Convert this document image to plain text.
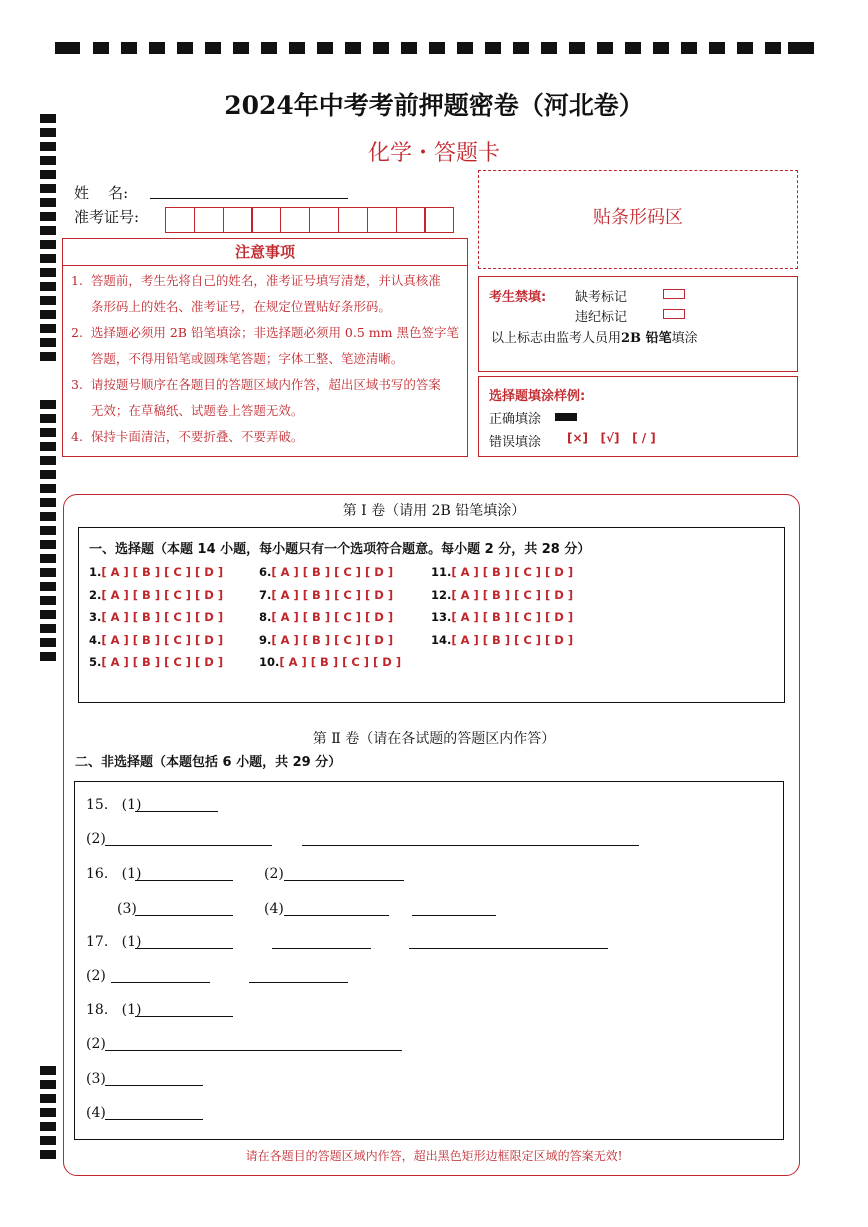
2024年中考考前押题密卷（河北卷）
化学・答题卡
姓    名:
准考证号:	贴条形码区
注意事项
1.  答题前，考生先将自己的姓名，准考证号填写清楚，并认真核准
条形码上的姓名、准考证号，在规定位置贴好条形码。
2.  选择题必须用 2B 铅笔填涂；非选择题必须用 0.5 mm 黑色签字笔
答题，不得用铅笔或圆珠笔答题；字体工整、笔迹清晰。
3.  请按题号顺序在各题目的答题区域内作答，超出区域书写的答案
无效；在草稿纸、试题卷上答题无效。
4.  保持卡面清洁，不要折叠、不要弄破。
考生禁填: 缺考标记
违纪标记
以上标志由监考人员用2B 铅笔填涂
选择题填涂样例:
正确填涂
错误填涂 [×]   [√]   [ / ]
第 Ⅰ 卷（请用 2B 铅笔填涂）
一、选择题（本题 14 小题，每小题只有一个选项符合题意。每小题 2 分，共 28 分）
1.[ A ] [ B ] [ C ] [ D ]
2.[ A ] [ B ] [ C ] [ D ]
3.[ A ] [ B ] [ C ] [ D ]
4.[ A ] [ B ] [ C ] [ D ]
5.[ A ] [ B ] [ C ] [ D ]
6.[ A ] [ B ] [ C ] [ D ]
7.[ A ] [ B ] [ C ] [ D ]
8.[ A ] [ B ] [ C ] [ D ]
9.[ A ] [ B ] [ C ] [ D ]
10.[ A ] [ B ] [ C ] [ D ]
11.[ A ] [ B ] [ C ] [ D ]
12.[ A ] [ B ] [ C ] [ D ]
13.[ A ] [ B ] [ C ] [ D ]
14.[ A ] [ B ] [ C ] [ D ]
第 Ⅱ 卷（请在各试题的答题区内作答）
二、非选择题（本题包括 6 小题，共 29 分）
15.   (1)
(2)
16.   (1)	(2)
(3)	(4)
17.   (1)
(2)
18.   (1)
(2)
(3)
(4)
请在各题目的答题区域内作答，超出黑色矩形边框限定区域的答案无效!
